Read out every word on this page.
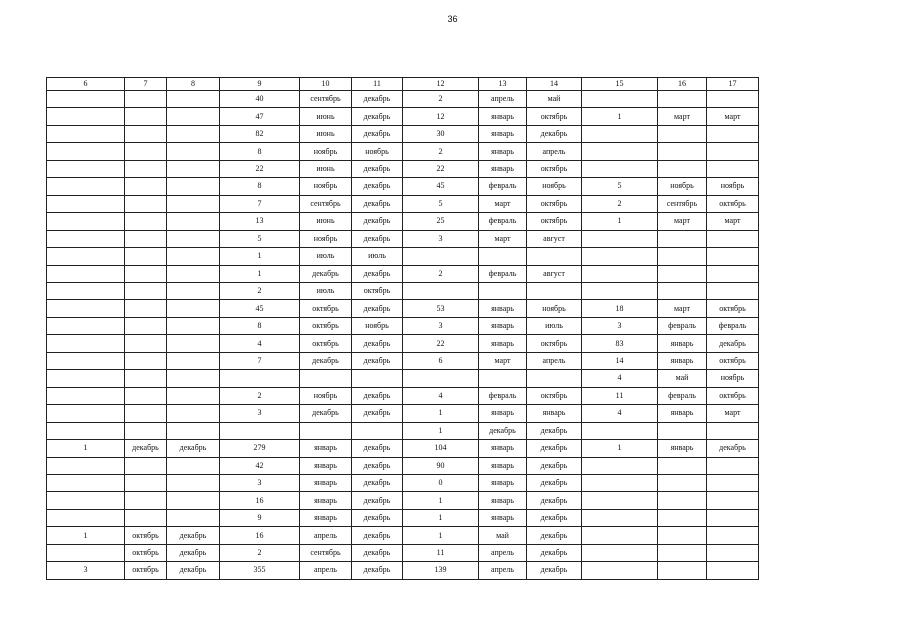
36
6	7	8	9	10	11	12	13	14	15	16	17
			40	сентябрь	декабрь	2	апрель	май			
			47	июнь	декабрь	12	январь	октябрь	1	март	март
			82	июнь	декабрь	30	январь	декабрь			
			8	ноябрь	ноябрь	2	январь	апрель			
			22	июнь	декабрь	22	январь	октябрь			
			8	ноябрь	декабрь	45	февраль	ноябрь	5	ноябрь	ноябрь
			7	сентябрь	декабрь	5	март	октябрь	2	сентябрь	октябрь
			13	июнь	декабрь	25	февраль	октябрь	1	март	март
			5	ноябрь	декабрь	3	март	август			
			1	июль	июль						
			1	декабрь	декабрь	2	февраль	август			
			2	июль	октябрь						
			45	октябрь	декабрь	53	январь	ноябрь	18	март	октябрь
			8	октябрь	ноябрь	3	январь	июль	3	февраль	февраль
			4	октябрь	декабрь	22	январь	октябрь	83	январь	декабрь
			7	декабрь	декабрь	6	март	апрель	14	январь	октябрь
									4	май	ноябрь
			2	ноябрь	декабрь	4	февраль	октябрь	11	февраль	октябрь
			3	декабрь	декабрь	1	январь	январь	4	январь	март
						1	декабрь	декабрь			
1	декабрь	декабрь	279	январь	декабрь	104	январь	декабрь	1	январь	декабрь
			42	январь	декабрь	90	январь	декабрь			
			3	январь	декабрь	0	январь	декабрь			
			16	январь	декабрь	1	январь	декабрь			
			9	январь	декабрь	1	январь	декабрь			
1	октябрь	декабрь	16	апрель	декабрь	1	май	декабрь			
	октябрь	декабрь	2	сентябрь	декабрь	11	апрель	декабрь			
3	октябрь	декабрь	355	апрель	декабрь	139	апрель	декабрь			
